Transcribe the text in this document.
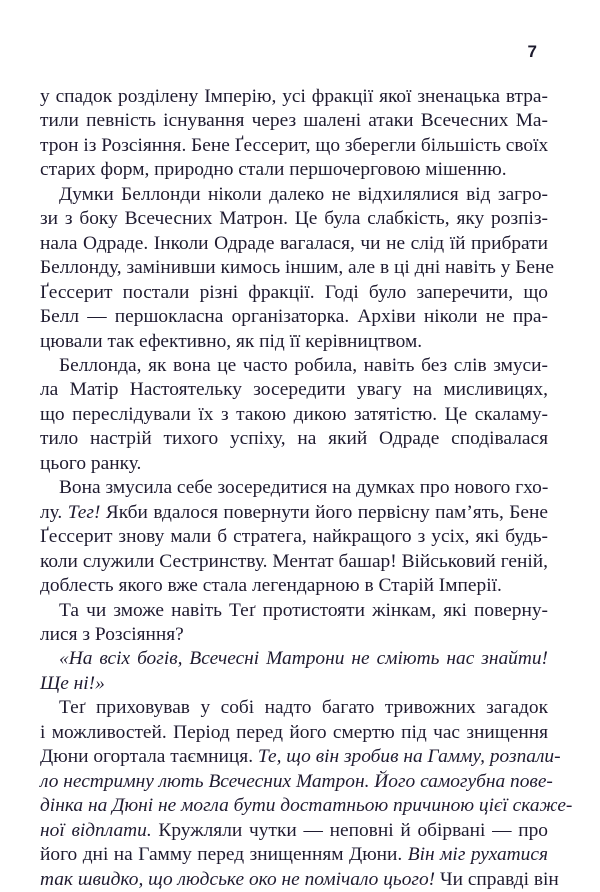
7

у спадок розділену Імперію, усі фракції якої зненацька втра-
тили певність існування через шалені атаки Всечесних Ма-
трон із Розсіяння. Бене Ґессерит, що зберегли більшість своїх
старих форм, природно стали першочерговою мішенню.

Думки Беллонди ніколи далеко не відхилялися від загро-
зи з боку Всечесних Матрон. Це була слабкість, яку розпіз-
нала Одраде. Інколи Одраде вагалася, чи не слід їй прибрати
Беллонду, замінивши кимось іншим, але в ці дні навіть у Бене
Ґессерит постали різні фракції. Годі було заперечити, що
Белл — першокласна організаторка. Архіви ніколи не пра-
цювали так ефективно, як під її керівництвом.

Беллонда, як вона це часто робила, навіть без слів змуси-
ла Матір Настоятельку зосередити увагу на мисливицях,
що переслідували їх з такою дикою затятістю. Це скаламу-
тило настрій тихого успіху, на який Одраде сподівалася
цього ранку.

Вона змусила себе зосередитися на думках про нового гхо-
лу. Тег! Якби вдалося повернути його первісну пам’ять, Бене
Ґессерит знову мали б стратега, найкращого з усіх, які будь-
коли служили Сестринству. Ментат башар! Військовий геній,
доблесть якого вже стала легендарною в Старій Імперії.

Та чи зможе навіть Теґ протистояти жінкам, які поверну-
лися з Розсіяння?

«На всіх богів, Всечесні Матрони не сміють нас знайти!
Ще ні!»

Теґ приховував у собі надто багато тривожних загадок
і можливостей. Період перед його смертю під час знищення
Дюни огортала таємниця. Те, що він зробив на Гамму, розпали-
ло нестримну лють Всечесних Матрон. Його самогубна пове-
дінка на Дюні не могла бути достатньою причиною цієї скаже-
ної відплати. Кружляли чутки — неповні й обірвані — про
його дні на Гамму перед знищенням Дюни. Він міг рухатися
так швидко, що людське око не помічало цього! Чи справді він
